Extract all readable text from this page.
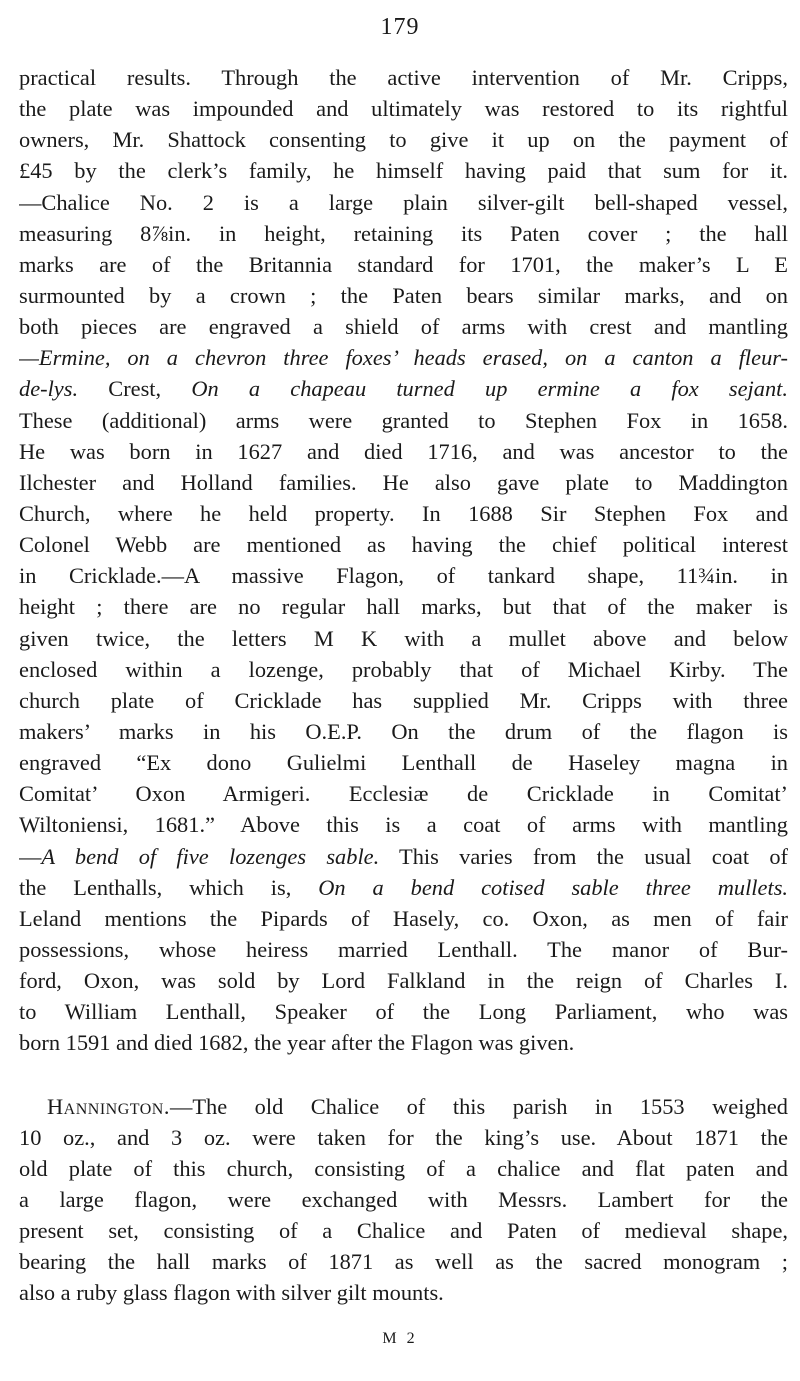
179
practical results. Through the active intervention of Mr. Cripps,
the plate was impounded and ultimately was restored to its rightful
owners, Mr. Shattock consenting to give it up on the payment of
£45 by the clerk’s family, he himself having paid that sum for it.
—Chalice No. 2 is a large plain silver-gilt bell-shaped vessel,
measuring 8⅞in. in height, retaining its Paten cover ; the hall
marks are of the Britannia standard for 1701, the maker’s L E
surmounted by a crown ; the Paten bears similar marks, and on
both pieces are engraved a shield of arms with crest and mantling
—Ermine, on a chevron three foxes’ heads erased, on a canton a fleur-
de-lys. Crest, On a chapeau turned up ermine a fox sejant.
These (additional) arms were granted to Stephen Fox in 1658.
He was born in 1627 and died 1716, and was ancestor to the
Ilchester and Holland families. He also gave plate to Maddington
Church, where he held property. In 1688 Sir Stephen Fox and
Colonel Webb are mentioned as having the chief political interest
in Cricklade.—A massive Flagon, of tankard shape, 11¾in. in
height ; there are no regular hall marks, but that of the maker is
given twice, the letters M K with a mullet above and below
enclosed within a lozenge, probably that of Michael Kirby. The
church plate of Cricklade has supplied Mr. Cripps with three
makers’ marks in his O.E.P. On the drum of the flagon is
engraved “Ex dono Gulielmi Lenthall de Haseley magna in
Comitat’ Oxon Armigeri. Ecclesiæ de Cricklade in Comitat’
Wiltoniensi, 1681.” Above this is a coat of arms with mantling
—A bend of five lozenges sable. This varies from the usual coat of
the Lenthalls, which is, On a bend cotised sable three mullets.
Leland mentions the Pipards of Hasely, co. Oxon, as men of fair
possessions, whose heiress married Lenthall. The manor of Bur-
ford, Oxon, was sold by Lord Falkland in the reign of Charles I.
to William Lenthall, Speaker of the Long Parliament, who was
born 1591 and died 1682, the year after the Flagon was given.
Hannington.—The old Chalice of this parish in 1553 weighed
10 oz., and 3 oz. were taken for the king’s use. About 1871 the
old plate of this church, consisting of a chalice and flat paten and
a large flagon, were exchanged with Messrs. Lambert for the
present set, consisting of a Chalice and Paten of medieval shape,
bearing the hall marks of 1871 as well as the sacred monogram ;
also a ruby glass flagon with silver gilt mounts.
M 2
